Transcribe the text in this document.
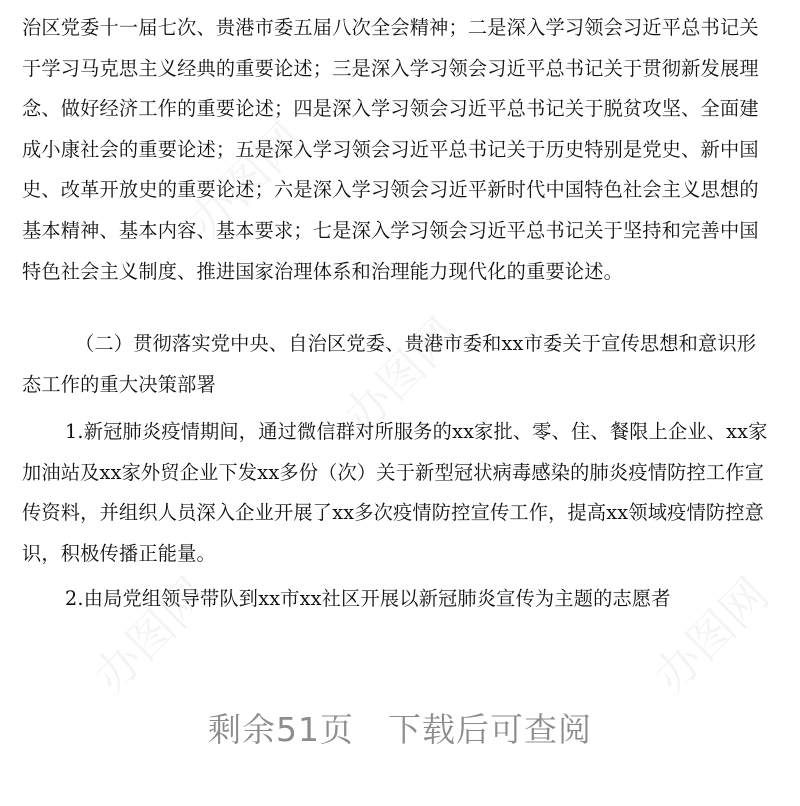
办图网
办图网
办图网	办图网

治区党委十一届七次、贵港市委五届八次全会精神；二是深入学习领会习近平总书记关于学习马克思主义经典的重要论述；三是深入学习领会习近平总书记关于贯彻新发展理念、做好经济工作的重要论述；四是深入学习领会习近平总书记关于脱贫攻坚、全面建成小康社会的重要论述；五是深入学习领会习近平总书记关于历史特别是党史、新中国史、改革开放史的重要论述；六是深入学习领会习近平新时代中国特色社会主义思想的基本精神、基本内容、基本要求；七是深入学习领会习近平总书记关于坚持和完善中国特色社会主义制度、推进国家治理体系和治理能力现代化的重要论述。

（二）贯彻落实党中央、自治区党委、贵港市委和xx市委关于宣传思想和意识形态工作的重大决策部署

1.新冠肺炎疫情期间，通过微信群对所服务的xx家批、零、住、餐限上企业、xx家加油站及xx家外贸企业下发xx多份（次）关于新型冠状病毒感染的肺炎疫情防控工作宣传资料，并组织人员深入企业开展了xx多次疫情防控宣传工作，提高xx领域疫情防控意识，积极传播正能量。

2.由局党组领导带队到xx市xx社区开展以新冠肺炎宣传为主题的志愿者

剩余51页 下载后可查阅
